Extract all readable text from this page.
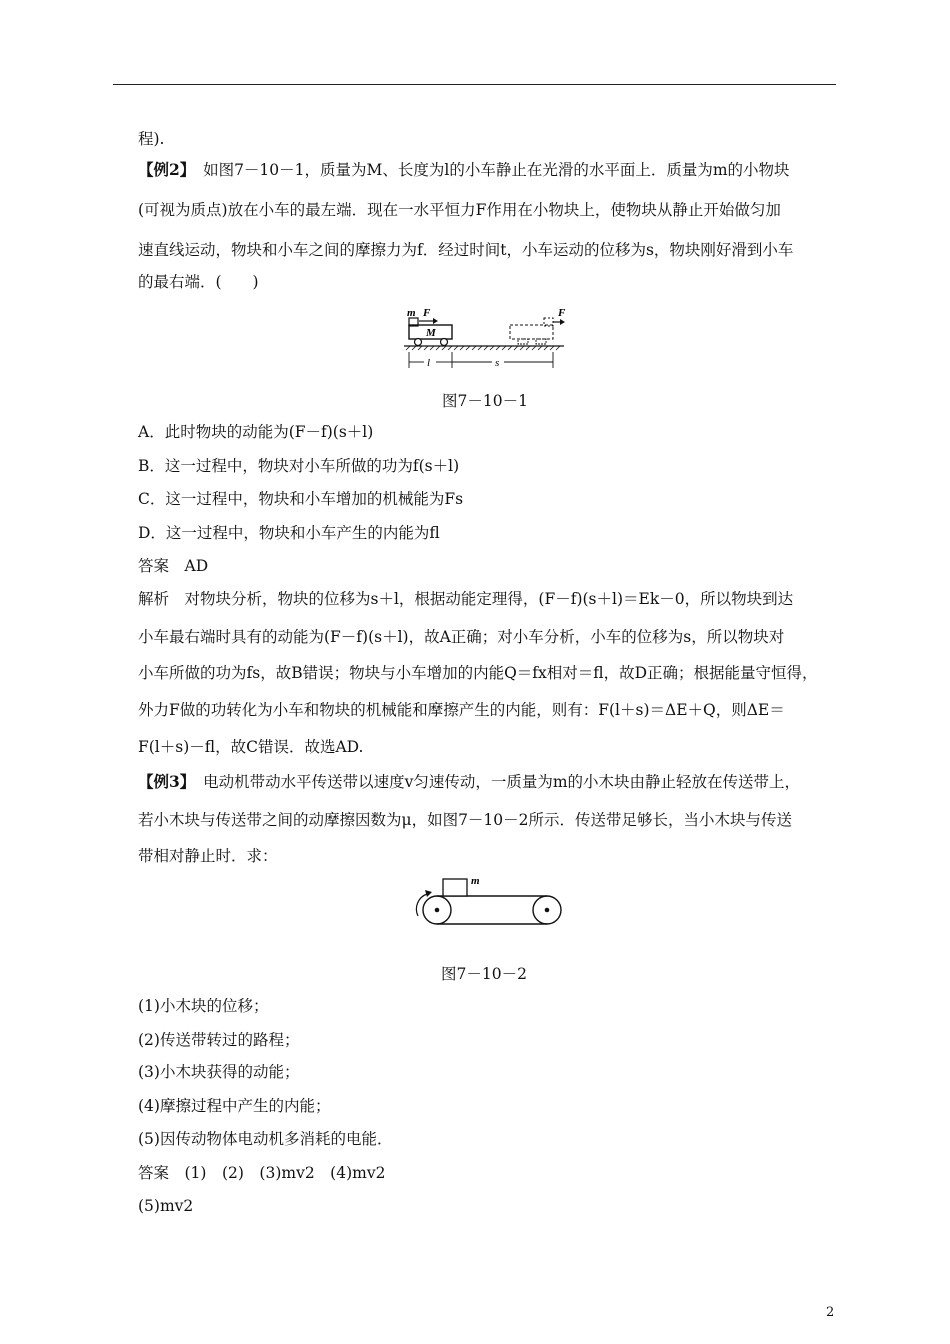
程).
【例2】　 如图7－10－1，质量为M、长度为l的小车静止在光滑的水平面上．质量为m的小物块
(可视为质点)放在小车的最左端．现在一水平恒力F作用在小物块上，使物块从静止开始做匀加
速直线运动，物块和小车之间的摩擦力为f．经过时间t，小车运动的位移为s，物块刚好滑到小车
的最右端．(　　)
m F
M
F
l	s
图7－10－1
A．此时物块的动能为(F－f)(s＋l)
B．这一过程中，物块对小车所做的功为f(s＋l)
C．这一过程中，物块和小车增加的机械能为Fs
D．这一过程中，物块和小车产生的内能为fl
答案　AD
解析　对物块分析，物块的位移为s＋l，根据动能定理得，(F－f)(s＋l)＝Ek－0，所以物块到达
小车最右端时具有的动能为(F－f)(s＋l)，故A正确；对小车分析，小车的位移为s，所以物块对
小车所做的功为fs，故B错误；物块与小车增加的内能Q＝fx相对＝fl，故D正确；根据能量守恒得，
外力F做的功转化为小车和物块的机械能和摩擦产生的内能，则有：F(l＋s)＝ΔE＋Q，则ΔE＝
F(l＋s)－fl，故C错误．故选AD.
【例3】　 电动机带动水平传送带以速度v匀速传动，一质量为m的小木块由静止轻放在传送带上，
若小木块与传送带之间的动摩擦因数为μ，如图7－10－2所示．传送带足够长，当小木块与传送
带相对静止时．求：
m
图7－10－2
(1)小木块的位移；
(2)传送带转过的路程；
(3)小木块获得的动能；
(4)摩擦过程中产生的内能；
(5)因传动物体电动机多消耗的电能．
答案　(1)　(2)　(3)mv2　(4)mv2
(5)mv2
2
